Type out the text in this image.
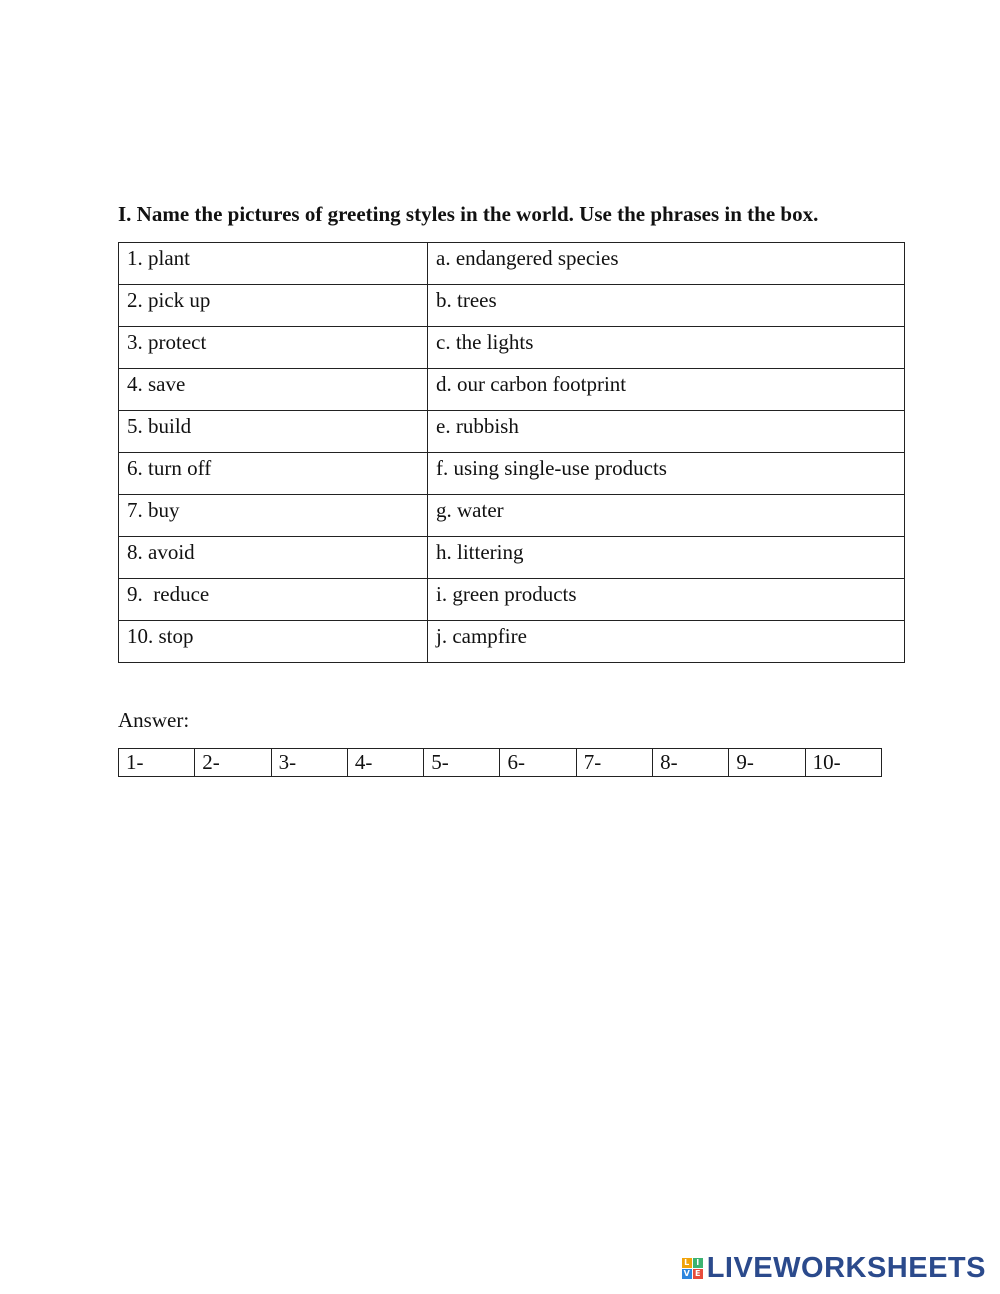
I. Name the pictures of greeting styles in the world. Use the phrases in the box.
1. plant	a. endangered species
2. pick up	b. trees
3. protect	c. the lights
4. save	d. our carbon footprint
5. build	e. rubbish
6. turn off	f. using single-use products
7. buy	g. water
8. avoid	h. littering
9.  reduce	i. green products
10. stop	j. campfire
Answer:
1-	2-	3-	4-	5-	6-	7-	8-	9-	10-
L I
V E LIVEWORKSHEETS
